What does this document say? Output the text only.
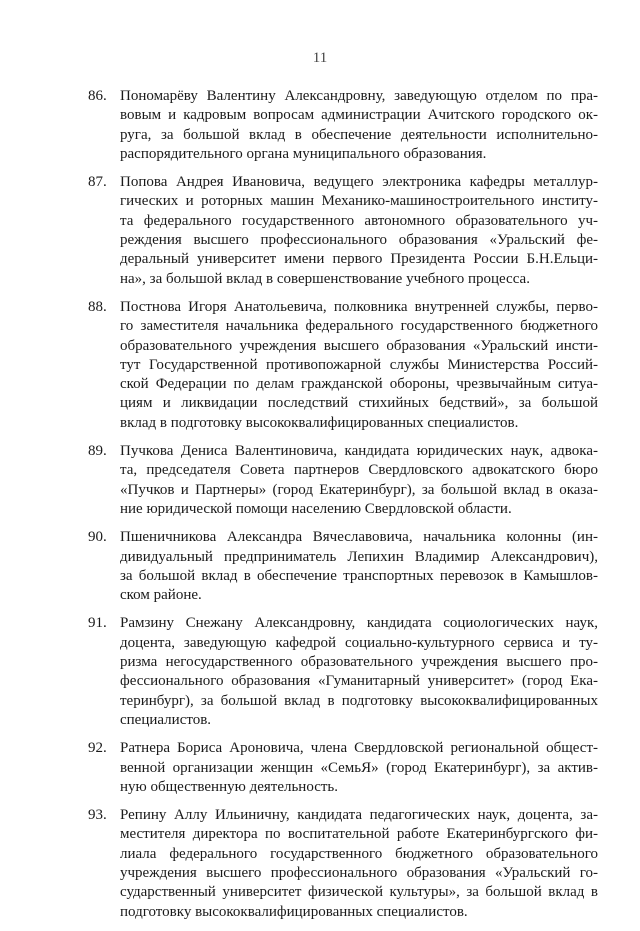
11
86. Пономарёву Валентину Александровну, заведующую отделом по пра-
вовым и кадровым вопросам администрации Ачитского городского ок-
руга, за большой вклад в обеспечение деятельности исполнительно-
распорядительного органа муниципального образования.
87. Попова Андрея Ивановича, ведущего электроника кафедры металлур-
гических и роторных машин Механико-машиностроительного институ-
та федерального государственного автономного образовательного уч-
реждения высшего профессионального образования «Уральский фе-
деральный университет имени первого Президента России Б.Н.Ельци-
на», за большой вклад в совершенствование учебного процесса.
88. Постнова Игоря Анатольевича, полковника внутренней службы, перво-
го заместителя начальника федерального государственного бюджетного
образовательного учреждения высшего образования «Уральский инсти-
тут Государственной противопожарной службы Министерства Россий-
ской Федерации по делам гражданской обороны, чрезвычайным ситуа-
циям и ликвидации последствий стихийных бедствий», за большой
вклад в подготовку высококвалифицированных специалистов.
89. Пучкова Дениса Валентиновича, кандидата юридических наук, адвока-
та, председателя Совета партнеров Свердловского адвокатского бюро
«Пучков и Партнеры» (город Екатеринбург), за большой вклад в оказа-
ние юридической помощи населению Свердловской области.
90. Пшеничникова Александра Вячеславовича, начальника колонны (ин-
дивидуальный предприниматель Лепихин Владимир Александрович),
за большой вклад в обеспечение транспортных перевозок в Камышлов-
ском районе.
91. Рамзину Снежану Александровну, кандидата социологических наук,
доцента, заведующую кафедрой социально-культурного сервиса и ту-
ризма негосударственного образовательного учреждения высшего про-
фессионального образования «Гуманитарный университет» (город Ека-
теринбург), за большой вклад в подготовку высококвалифицированных
специалистов.
92. Ратнера Бориса Ароновича, члена Свердловской региональной общест-
венной организации женщин «СемьЯ» (город Екатеринбург), за актив-
ную общественную деятельность.
93. Репину Аллу Ильиничну, кандидата педагогических наук, доцента, за-
местителя директора по воспитательной работе Екатеринбургского фи-
лиала федерального государственного бюджетного образовательного
учреждения высшего профессионального образования «Уральский го-
сударственный университет физической культуры», за большой вклад в
подготовку высококвалифицированных специалистов.
